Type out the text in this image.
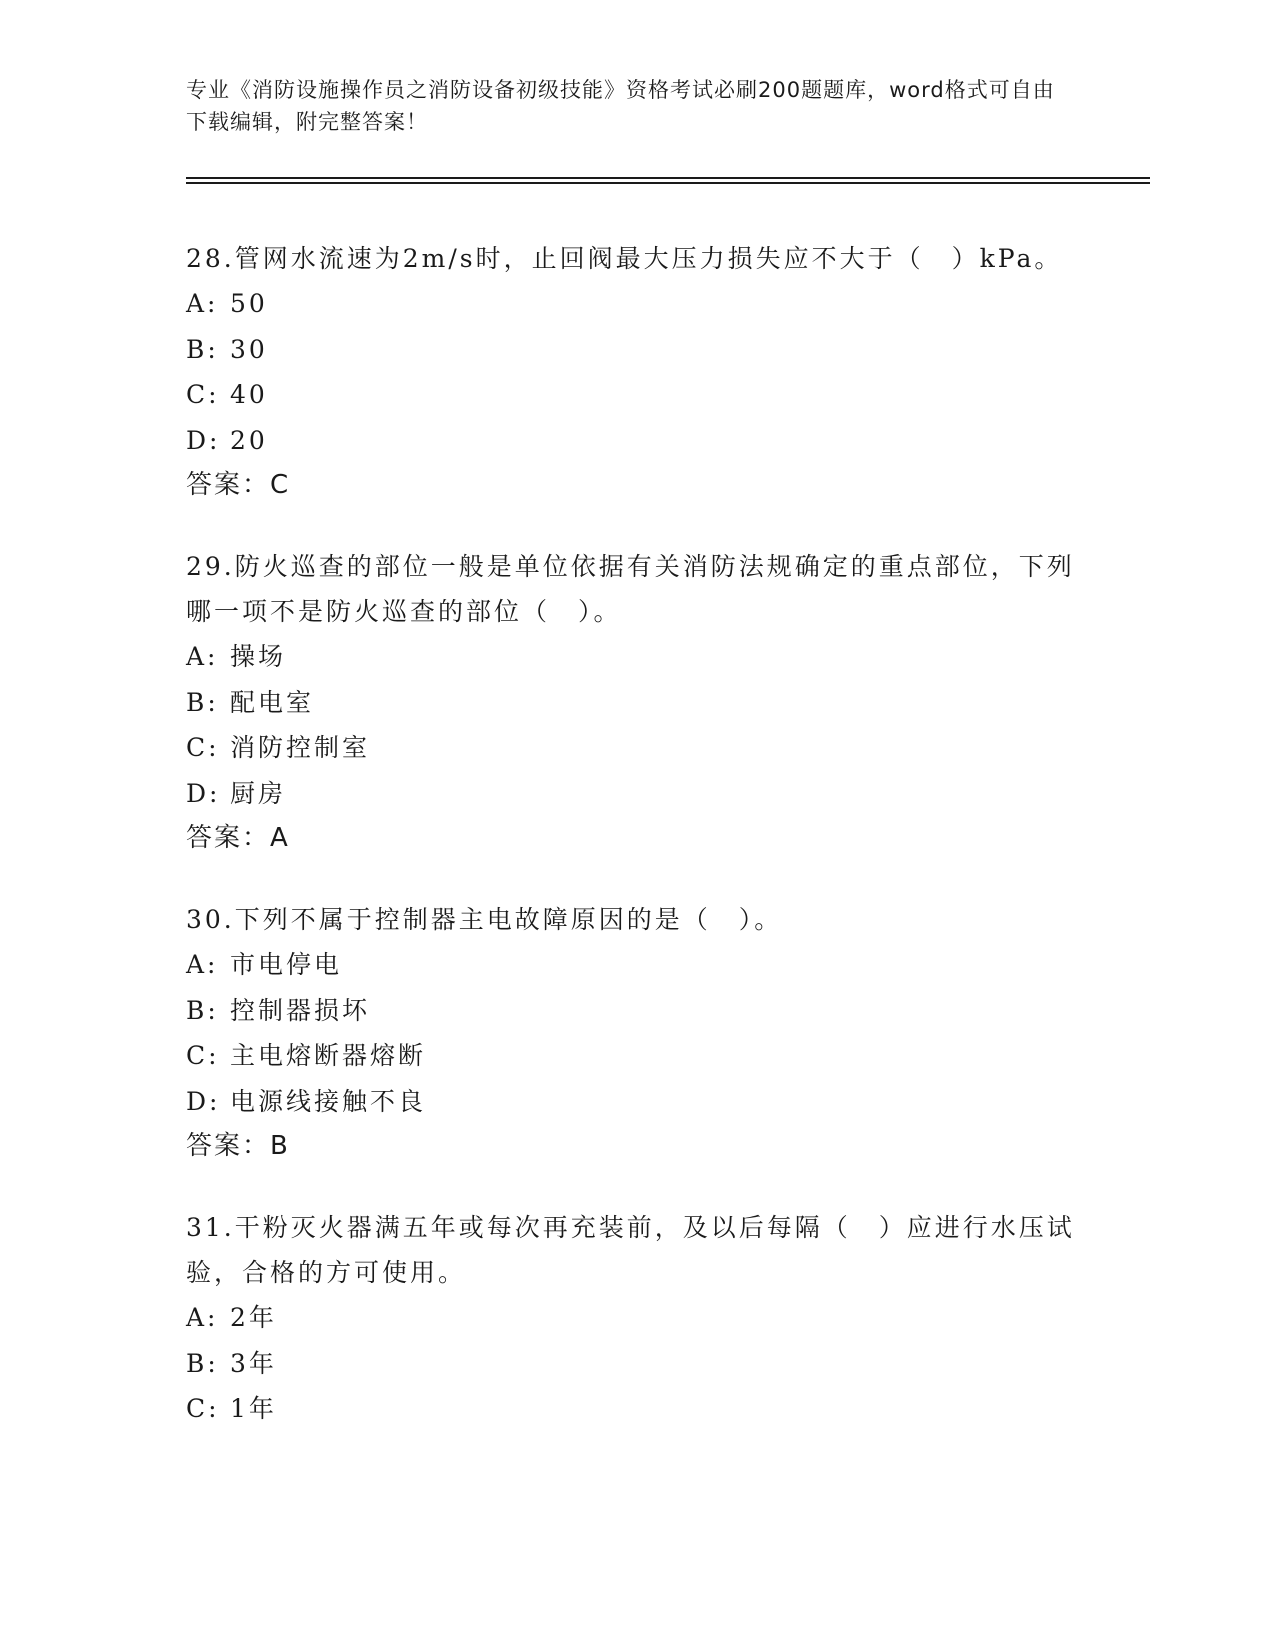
专业《消防设施操作员之消防设备初级技能》资格考试必刷200题题库，word格式可自由下载编辑，附完整答案！

28.管网水流速为2m/s时，止回阀最大压力损失应不大于（　）kPa。

A: 50

B: 30

C: 40

D: 20

答案：C

29.防火巡查的部位一般是单位依据有关消防法规确定的重点部位，下列哪一项不是防火巡查的部位（　）。

A: 操场

B: 配电室

C: 消防控制室

D: 厨房

答案：A

30.下列不属于控制器主电故障原因的是（　）。

A: 市电停电

B: 控制器损坏

C: 主电熔断器熔断

D: 电源线接触不良

答案：B

31.干粉灭火器满五年或每次再充装前，及以后每隔（　）应进行水压试验，合格的方可使用。

A: 2年

B: 3年

C: 1年
